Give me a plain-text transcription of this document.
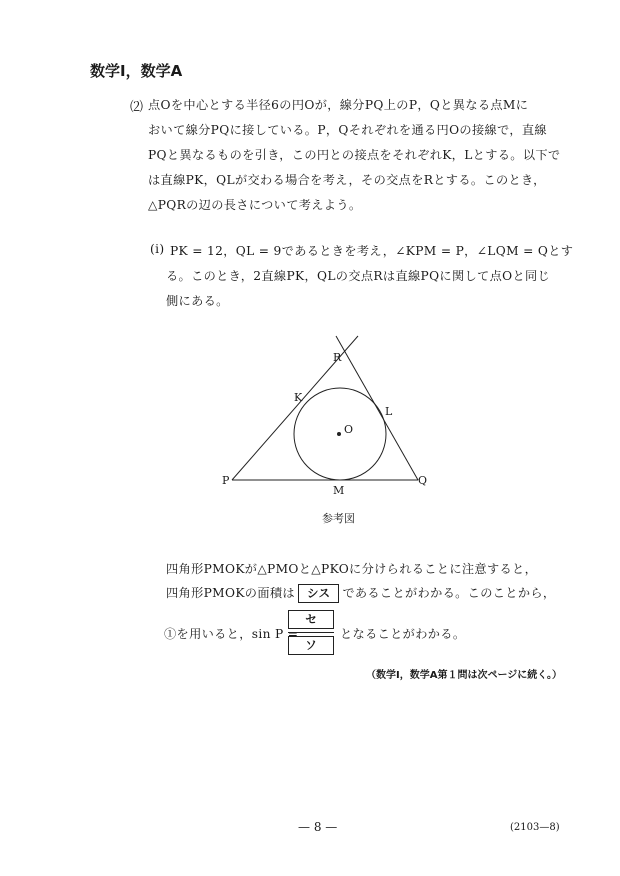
数学Ⅰ，数学A
⑵ 点Oを中心とする半径6の円Oが，線分PQ上のP，Qと異なる点Mに
おいて線分PQに接している。P，Qそれぞれを通る円Oの接線で，直線
PQと異なるものを引き，この円との接点をそれぞれK，Lとする。以下で
は直線PK，QLが交わる場合を考え，その交点をRとする。このとき，
△PQRの辺の長さについて考えよう。
(i) PK = 12，QL = 9であるときを考え，∠KPM = P，∠LQM = Qとす
る。このとき，2直線PK，QLの交点Rは直線PQに関して点Oと同じ
側にある。
R
K
L
O
P	Q
M
参考図
四角形PMOKが△PMOと△PKOに分けられることに注意すると，
四角形PMOKの面積は シス であることがわかる。このことから，
①を用いると，sin P =
セ
ソ
となることがわかる。
（数学Ⅰ，数学A第１問は次ページに続く。）
— 8 —	(2103—8)
